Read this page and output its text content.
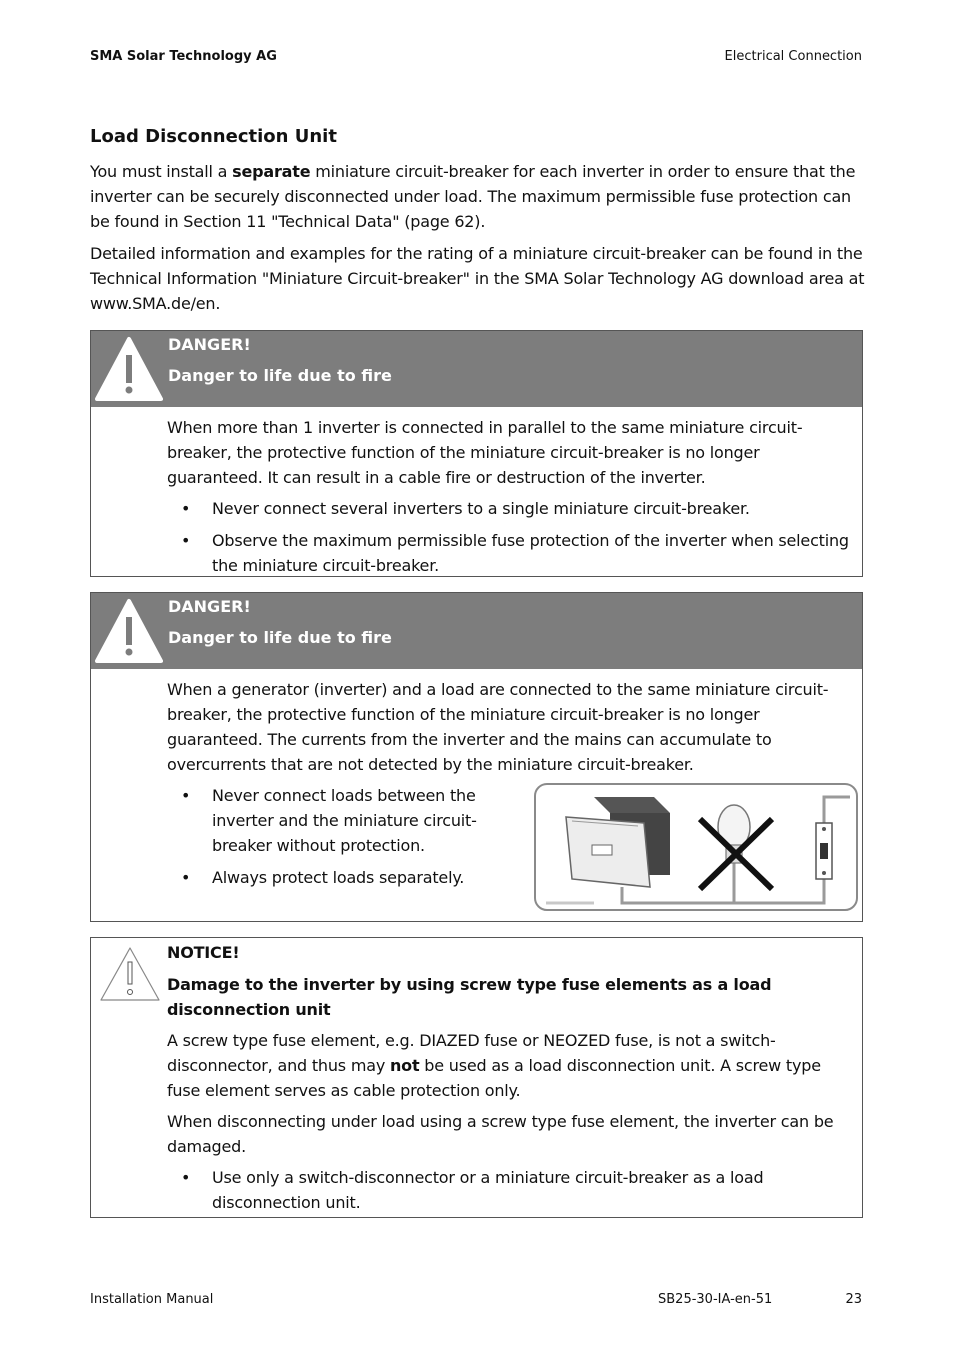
SMA Solar Technology AG	Electrical Connection
Load Disconnection Unit

You must install a separate miniature circuit-breaker for each inverter in order to ensure that the inverter can be securely disconnected under load. The maximum permissible fuse protection can be found in Section 11 "Technical Data" (page 62).

Detailed information and examples for the rating of a miniature circuit-breaker can be found in the Technical Information "Miniature Circuit-breaker" in the SMA Solar Technology AG download area at www.SMA.de/en.

DANGER!
Danger to life due to fire

When more than 1 inverter is connected in parallel to the same miniature circuit-breaker, the protective function of the miniature circuit-breaker is no longer guaranteed. It can result in a cable fire or destruction of the inverter.

• Never connect several inverters to a single miniature circuit-breaker.
• Observe the maximum permissible fuse protection of the inverter when selecting the miniature circuit-breaker.
DANGER!
Danger to life due to fire

When a generator (inverter) and a load are connected to the same miniature circuit-breaker, the protective function of the miniature circuit-breaker is no longer guaranteed. The currents from the inverter and the mains can accumulate to overcurrents that are not detected by the miniature circuit-breaker.

• Never connect loads between the inverter and the miniature circuit-breaker without protection.
• Always protect loads separately.
NOTICE!
Damage to the inverter by using screw type fuse elements as a load disconnection unit

A screw type fuse element, e.g. DIAZED fuse or NEOZED fuse, is not a switch-disconnector, and thus may not be used as a load disconnection unit. A screw type fuse element serves as cable protection only.

When disconnecting under load using a screw type fuse element, the inverter can be damaged.

• Use only a switch-disconnector or a miniature circuit-breaker as a load disconnection unit.
Installation Manual	SB25-30-IA-en-51	23
